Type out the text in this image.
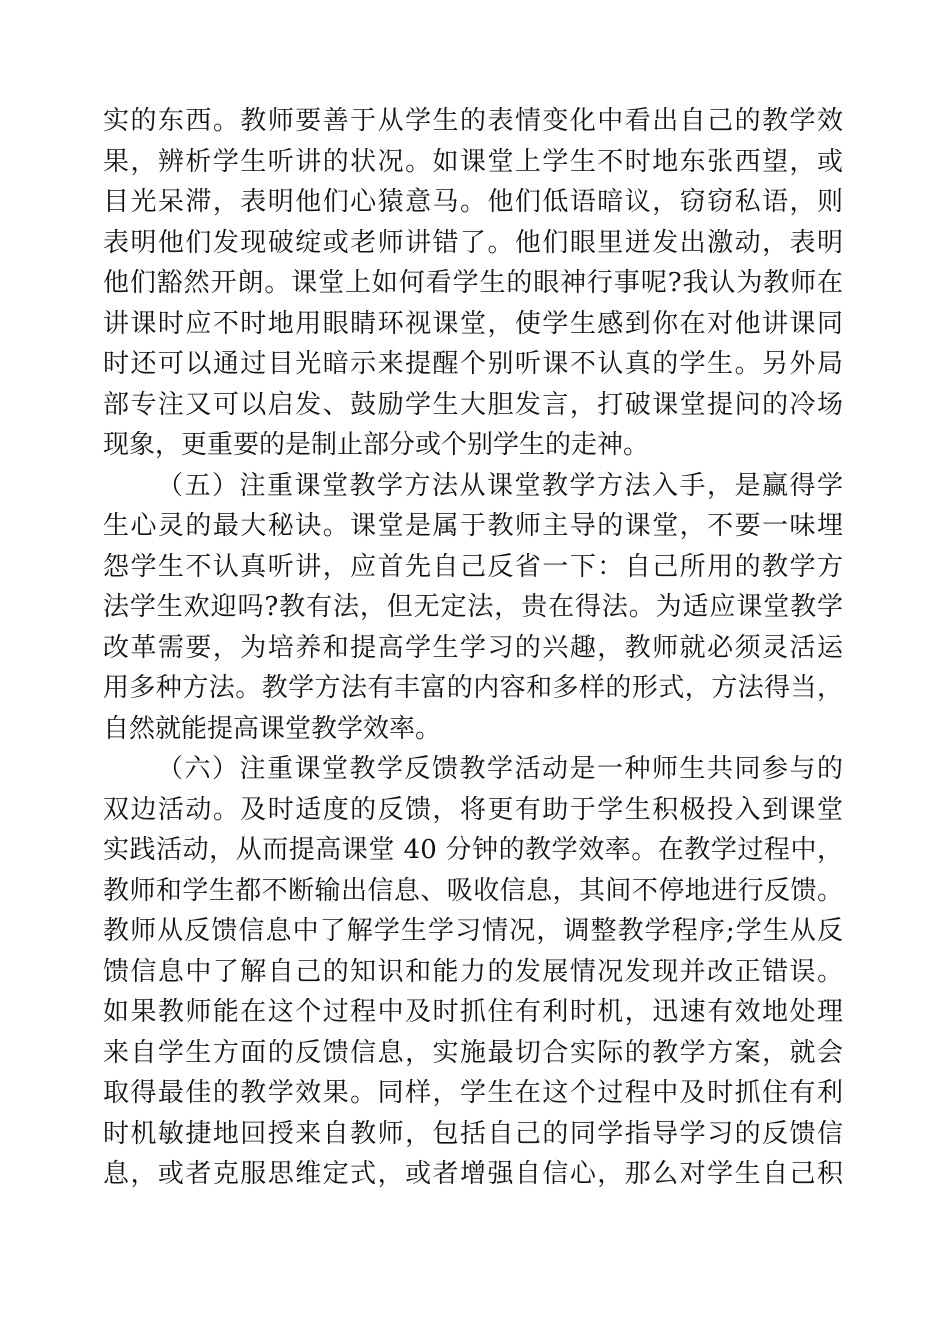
实的东西。教师要善于从学生的表情变化中看出自己的教学效
果，辨析学生听讲的状况。如课堂上学生不时地东张西望，或
目光呆滞，表明他们心猿意马。他们低语暗议，窃窃私语，则
表明他们发现破绽或老师讲错了。他们眼里迸发出激动，表明
他们豁然开朗。课堂上如何看学生的眼神行事呢?我认为教师在
讲课时应不时地用眼睛环视课堂，使学生感到你在对他讲课同
时还可以通过目光暗示来提醒个别听课不认真的学生。另外局
部专注又可以启发、鼓励学生大胆发言，打破课堂提问的冷场
现象，更重要的是制止部分或个别学生的走神。
（五）注重课堂教学方法从课堂教学方法入手，是赢得学
生心灵的最大秘诀。课堂是属于教师主导的课堂，不要一味埋
怨学生不认真听讲，应首先自己反省一下：自己所用的教学方
法学生欢迎吗?教有法，但无定法，贵在得法。为适应课堂教学
改革需要，为培养和提高学生学习的兴趣，教师就必须灵活运
用多种方法。教学方法有丰富的内容和多样的形式，方法得当，
自然就能提高课堂教学效率。
（六）注重课堂教学反馈教学活动是一种师生共同参与的
双边活动。及时适度的反馈，将更有助于学生积极投入到课堂
实践活动，从而提高课堂 40 分钟的教学效率。在教学过程中，
教师和学生都不断输出信息、吸收信息，其间不停地进行反馈。
教师从反馈信息中了解学生学习情况，调整教学程序;学生从反
馈信息中了解自己的知识和能力的发展情况发现并改正错误。
如果教师能在这个过程中及时抓住有利时机，迅速有效地处理
来自学生方面的反馈信息，实施最切合实际的教学方案，就会
取得最佳的教学效果。同样，学生在这个过程中及时抓住有利
时机敏捷地回授来自教师，包括自己的同学指导学习的反馈信
息，或者克服思维定式，或者增强自信心，那么对学生自己积
